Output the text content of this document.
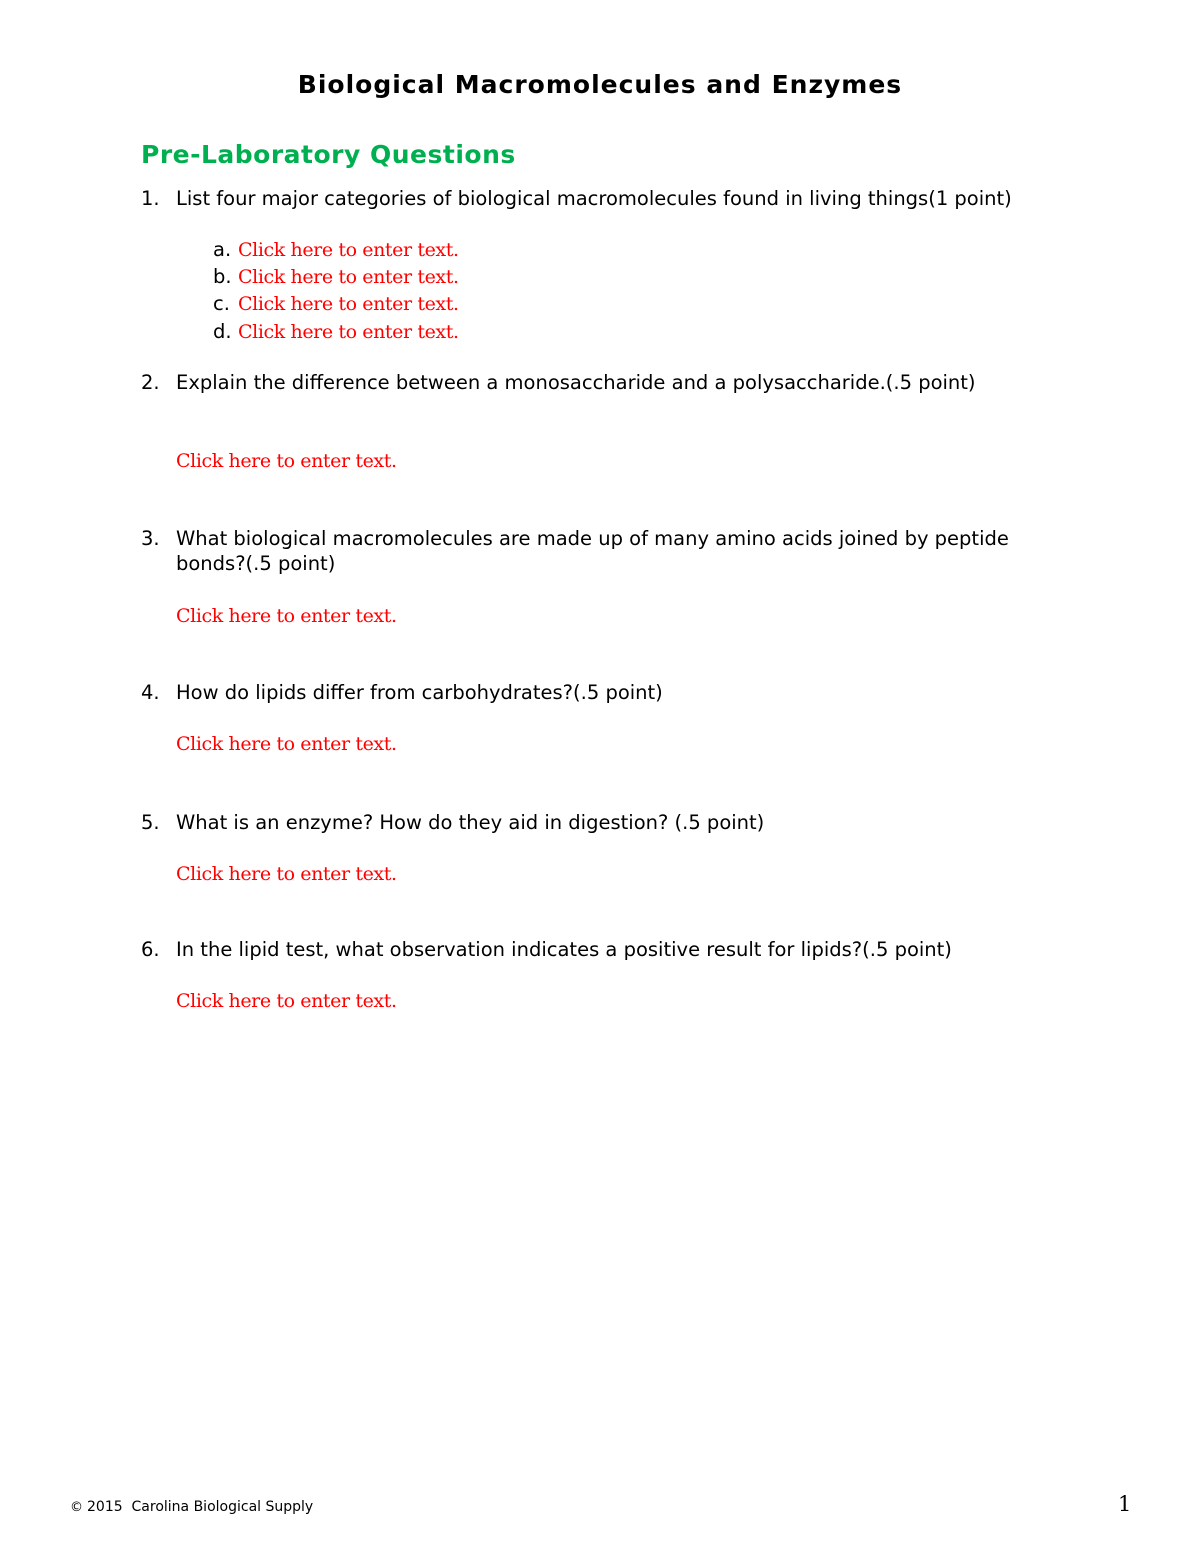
Biological Macromolecules and Enzymes
Pre-Laboratory Questions
1. List four major categories of biological macromolecules found in living things(1 point)
a. Click here to enter text.
b. Click here to enter text.
c. Click here to enter text.
d. Click here to enter text.
2. Explain the difference between a monosaccharide and a polysaccharide.(.5 point)
Click here to enter text.
3. What biological macromolecules are made up of many amino acids joined by peptide bonds?(.5 point)
Click here to enter text.
4. How do lipids differ from carbohydrates?(.5 point)
Click here to enter text.
5. What is an enzyme? How do they aid in digestion? (.5 point)
Click here to enter text.
6. In the lipid test, what observation indicates a positive result for lipids?(.5 point)
Click here to enter text.
© 2015  Carolina Biological Supply	1
